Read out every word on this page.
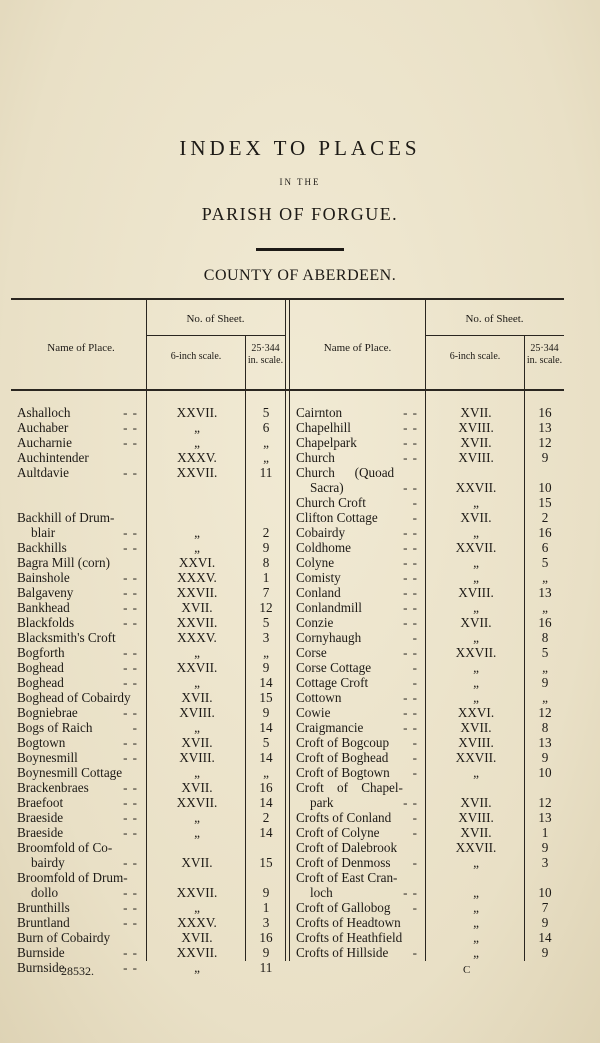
INDEX TO PLACES
IN THE
PARISH OF FORGUE.
COUNTY OF ABERDEEN.
Name of Place.
No. of Sheet.
6-inch scale.
25·344 in. scale.
Name of Place.
No. of Sheet.
6-inch scale.
25·344 in. scale.
Ashalloch	- -	XXVII.	5
Auchaber	- -	„	6
Aucharnie	- -	„	„
Auchintender	XXXV.	„
Aultdavie	- -	XXVII.	11
Backhill of Drum-
blair	- -	„	2
Backhills	- -	„	9
Bagra Mill (corn)	XXVI.	8
Bainshole	- -	XXXV.	1
Balgaveny	- -	XXVII.	7
Bankhead	- -	XVII.	12
Blackfolds	- -	XXVII.	5
Blacksmith's Croft	XXXV.	3
Bogforth	- -	„	„
Boghead	- -	XXVII.	9
Boghead	- -	„	14
Boghead of Cobairdy	XVII.	15
Bogniebrae	- -	XVIII.	9
Bogs of Raich	-	„	14
Bogtown	- -	XVII.	5
Boynesmill	- -	XVIII.	14
Boynesmill Cottage	„	„
Brackenbraes	- -	XVII.	16
Braefoot	- -	XXVII.	14
Braeside	- -	„	2
Braeside	- -	„	14
Broomfold of Co-
bairdy	- -	XVII.	15
Broomfold of Drum-
dollo	- -	XXVII.	9
Brunthills	- -	„	1
Bruntland	- -	XXXV.	3
Burn of Cobairdy	XVII.	16
Burnside	- -	XXVII.	9
Burnside	- -	„	11
Cairnton	- -	XVII.	16
Chapelhill	- -	XVIII.	13
Chapelpark	- -	XVII.	12
Church	- -	XVIII.	9
Church      (Quoad
Sacra)	- -	XXVII.	10
Church Croft	-	„	15
Clifton Cottage	-	XVII.	2
Cobairdy	- -	„	16
Coldhome	- -	XXVII.	6
Colyne	- -	„	5
Comisty	- -	„	„
Conland	- -	XVIII.	13
Conlandmill	- -	„	„
Conzie	- -	XVII.	16
Cornyhaugh	-	„	8
Corse	- -	XXVII.	5
Corse Cottage	-	„	„
Cottage Croft	-	„	9
Cottown	- -	„	„
Cowie	- -	XXVI.	12
Craigmancie	- -	XVII.	8
Croft of Bogcoup	-	XVIII.	13
Croft of Boghead	-	XXVII.	9
Croft of Bogtown	-	„	10
Croft    of    Chapel-
park	- -	XVII.	12
Crofts of Conland	-	XVIII.	13
Croft of Colyne	-	XVII.	1
Croft of Dalebrook	XXVII.	9
Croft of Denmoss	-	„	3
Croft of East Cran-
loch	- -	„	10
Croft of Gallobog	-	„	7
Crofts of Headtown	„	9
Crofts of Heathfield	„	14
Crofts of Hillside	-	„	9
28532.	C
